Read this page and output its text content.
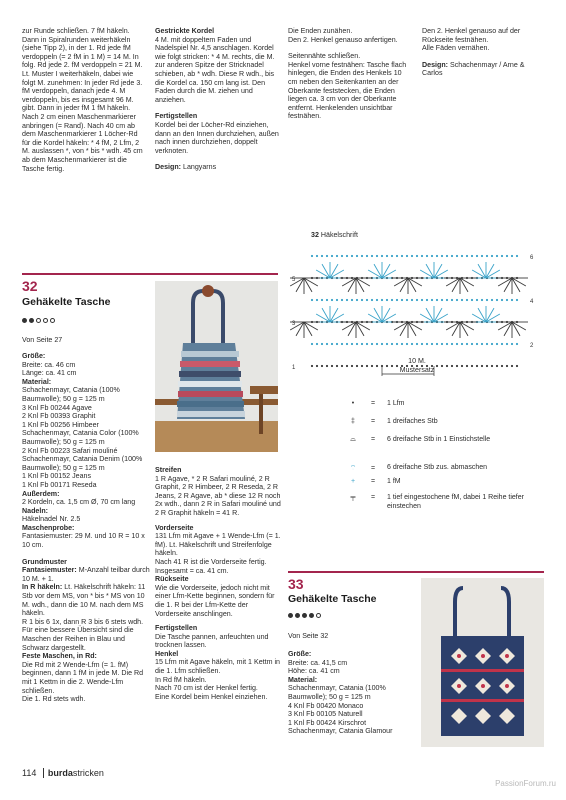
zur Runde schließen. 7 fM häkeln.
Dann in Spiralrunden weiterhäkeln (siehe Tipp 2), in der 1. Rd jede fM verdoppeln (= 2 fM in 1 M) = 14 M. In folg. Rd jede 2. fM verdoppeln = 21 M. Lt. Muster I weiterhäkeln, dabei wie folgt M. zunehmen: In jeder Rd jede 3. fM verdoppeln, danach jede 4. M verdoppeln, bis es insgesamt 96 M. gibt. Dann in jeder fM 1 fM häkeln. Nach 2 cm einen Maschenmarkierer anbringen (= Rand). Nach 40 cm ab dem Maschenmarkierer 1 Löcher-Rd für die Kordel häkeln: * 4 fM, 2 Lfm, 2 M. auslassen *, von * bis * wdh. 45 cm ab dem Maschenmarkierer ist die Tasche fertig.

Gestrickte Kordel

4 M. mit doppeltem Faden und Nadelspiel Nr. 4,5 anschlagen. Kordel wie folgt stricken: * 4 M. rechts, die M. zur anderen Spitze der Stricknadel schieben, ab * wdh. Diese R wdh., bis die Kordel ca. 150 cm lang ist. Den Faden durch die M. ziehen und anziehen.

Fertigstellen

Kordel bei der Löcher-Rd einziehen, dann an den Innen durchziehen, außen nach innen durchziehen, doppelt verknoten.

Design: Langyarns

Die Enden zunähen.
Den 2. Henkel genauso anfertigen.

Seitennähte schließen.

Henkel vorne festnähen: Tasche flach hinlegen, die Enden des Henkels 10 cm neben den Seitenkanten an der Oberkante feststecken, die Enden liegen ca. 3 cm von der Oberkante entfernt. Henkelenden unsichtbar festnähen.

Den 2. Henkel genauso auf der Rückseite festnähen.
Alle Fäden vernähen.

Design: Schachenmayr / Arne & Carlos

32
Gehäkelte Tasche
Von Seite 27

Größe:

Breite: ca. 46 cm
Länge: ca. 41 cm

Material:

Schachenmayr, Catania (100% Baumwolle); 50 g = 125 m
3 Knl Fb 00244 Agave
2 Knl Fb 00393 Graphit
1 Knl Fb 00256 Himbeer
Schachenmayr, Catania Color (100% Baumwolle); 50 g = 125 m
2 Knl Fb 00223 Safari mouliné
Schachenmayr, Catania Denim (100% Baumwolle); 50 g = 125 m
1 Knl Fb 00152 Jeans
1 Knl Fb 00171 Reseda

Außerdem:

2 Kordeln, ca. 1,5 cm Ø, 70 cm lang

Nadeln:

Häkelnadel Nr. 2.5

Maschenprobe:

Fantasiemuster: 29 M. und 10 R = 10 x 10 cm.

Grundmuster

Fantasiemuster: M-Anzahl teilbar durch 10 M. + 1.

In R häkeln: Lt. Häkelschrift häkeln: 11 Stb vor dem MS, von * bis * MS von 10 M. wdh., dann die 10 M. nach dem MS häkeln.
R 1 bis 6 1x, dann R 3 bis 6 stets wdh.
Für eine bessere Übersicht sind die Maschen der Reihen in Blau und Schwarz dargestellt.

Feste Maschen, in Rd:

Die Rd mit 2 Wende-Lfm (= 1. fM) beginnen, dann 1 fM in jede M. Die Rd mit 1 Kettm in die 2. Wende-Lfm schließen.
Die 1. Rd stets wdh.

Streifen

1 R Agave, * 2 R Safari mouliné, 2 R Graphit, 2 R Himbeer, 2 R Reseda, 2 R Jeans, 2 R Agave, ab * diese 12 R noch 2x wdh., dann 2 R in Safari mouliné und 2 R Graphit häkeln = 41 R.

Vorderseite

131 Lfm mit Agave + 1 Wende-Lfm (= 1. fM). Lt. Häkelschrift und Streifenfolge häkeln.
Nach 41 R ist die Vorderseite fertig. Insgesamt = ca. 41 cm.

Rückseite

Wie die Vorderseite, jedoch nicht mit einer Lfm-Kette beginnen, sondern für die 1. R bei der Lfm-Kette der Vorderseite anschlingen.

Fertigstellen

Die Tasche pannen, anfeuchten und trocknen lassen.

Henkel

15 Lfm mit Agave häkeln, mit 1 Kettm in die 1. Lfm schließen.
In Rd fM häkeln.
Nach 70 cm ist der Henkel fertig.
Eine Kordel beim Henkel einziehen.

32 Häkelschrift
6
5
4
3
2
1

10 M.

Mustersatz

• = 1 Lfm
‡ = 1 dreifaches Stb
⌓ = 6 dreifache Stb in 1 Einstichstelle
⌔ = 6 dreifache Stb zus. abmaschen
+ = 1 fM
╤ = 1 tief eingestochene fM, dabei 1 Reihe tiefer einstechen
33
Gehäkelte Tasche
Von Seite 32

Größe:

Breite: ca. 41,5 cm
Höhe: ca. 41 cm

Material:

Schachenmayr, Catania (100% Baumwolle); 50 g = 125 m
4 Knl Fb 00420 Monaco
3 Knl Fb 00105 Naturell
1 Knl Fb 00424 Kirschrot
Schachenmayr, Catania Glamour

114 burdastricken
PassionForum.ru
